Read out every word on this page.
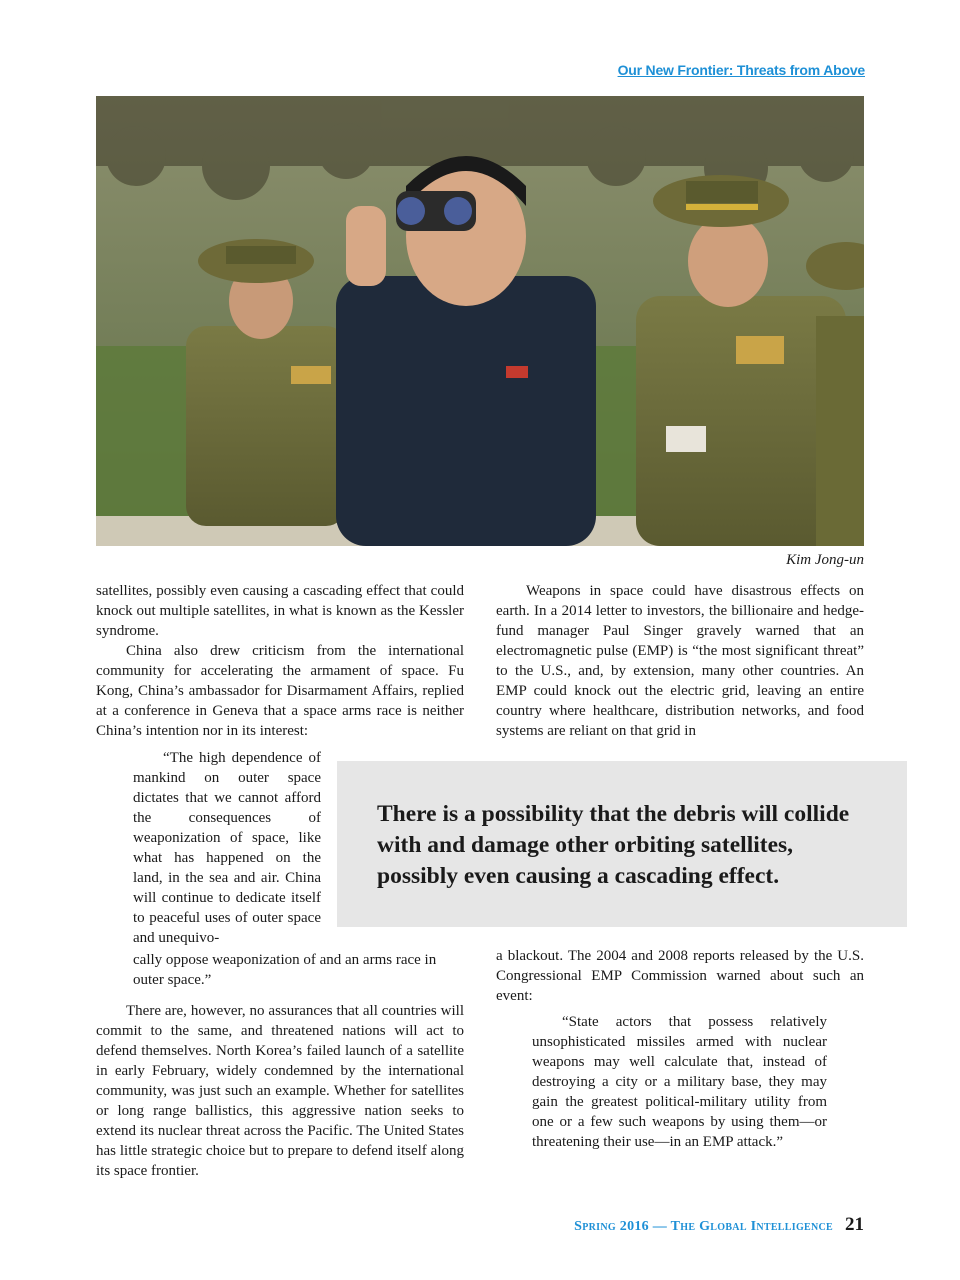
Our New Frontier: Threats from Above
Kim Jong-un

satellites, possibly even causing a cascading effect that could knock out multiple satellites, in what is known as the Kessler syndrome.

China also drew criticism from the international community for accelerating the armament of space. Fu Kong, China’s ambassador for Disarmament Affairs, replied at a conference in Geneva that a space arms race is neither China’s intention nor in its interest:

“The high dependence of mankind on outer space dictates that we cannot afford the consequences of weaponization of space, like what has happened on the land, in the sea and air. China will continue to dedicate itself to peaceful uses of outer space and unequivo-
cally oppose weaponization of and an arms race in outer space.”

There are, however, no assurances that all countries will commit to the same, and threatened nations will act to defend themselves. North Korea’s failed launch of a satellite in early February, widely condemned by the international community, was just such an example. Whether for satellites or long range ballistics, this aggressive nation seeks to extend its nuclear threat across the Pacific. The United States has little strategic choice but to prepare to defend itself along its space frontier.

Weapons in space could have disastrous effects on earth. In a 2014 letter to investors, the billionaire and hedge-fund manager Paul Singer gravely warned that an electromagnetic pulse (EMP) is “the most significant threat” to the U.S., and, by extension, many other countries. An EMP could knock out the electric grid, leaving an entire country where healthcare, distribution networks, and food systems are reliant on that grid in

There is a possibility that the debris will collide with and damage other orbiting satellites, possibly even causing a cascading effect.

a blackout. The 2004 and 2008 reports released by the U.S. Congressional EMP Commission warned about such an event:

“State actors that possess relatively unsophisticated missiles armed with nuclear weapons may well calculate that, instead of destroying a city or a military base, they may gain the greatest political-military utility from one or a few such weapons by using them—or threatening their use—in an EMP attack.”
Spring 2016 — The Global Intelligence 21
